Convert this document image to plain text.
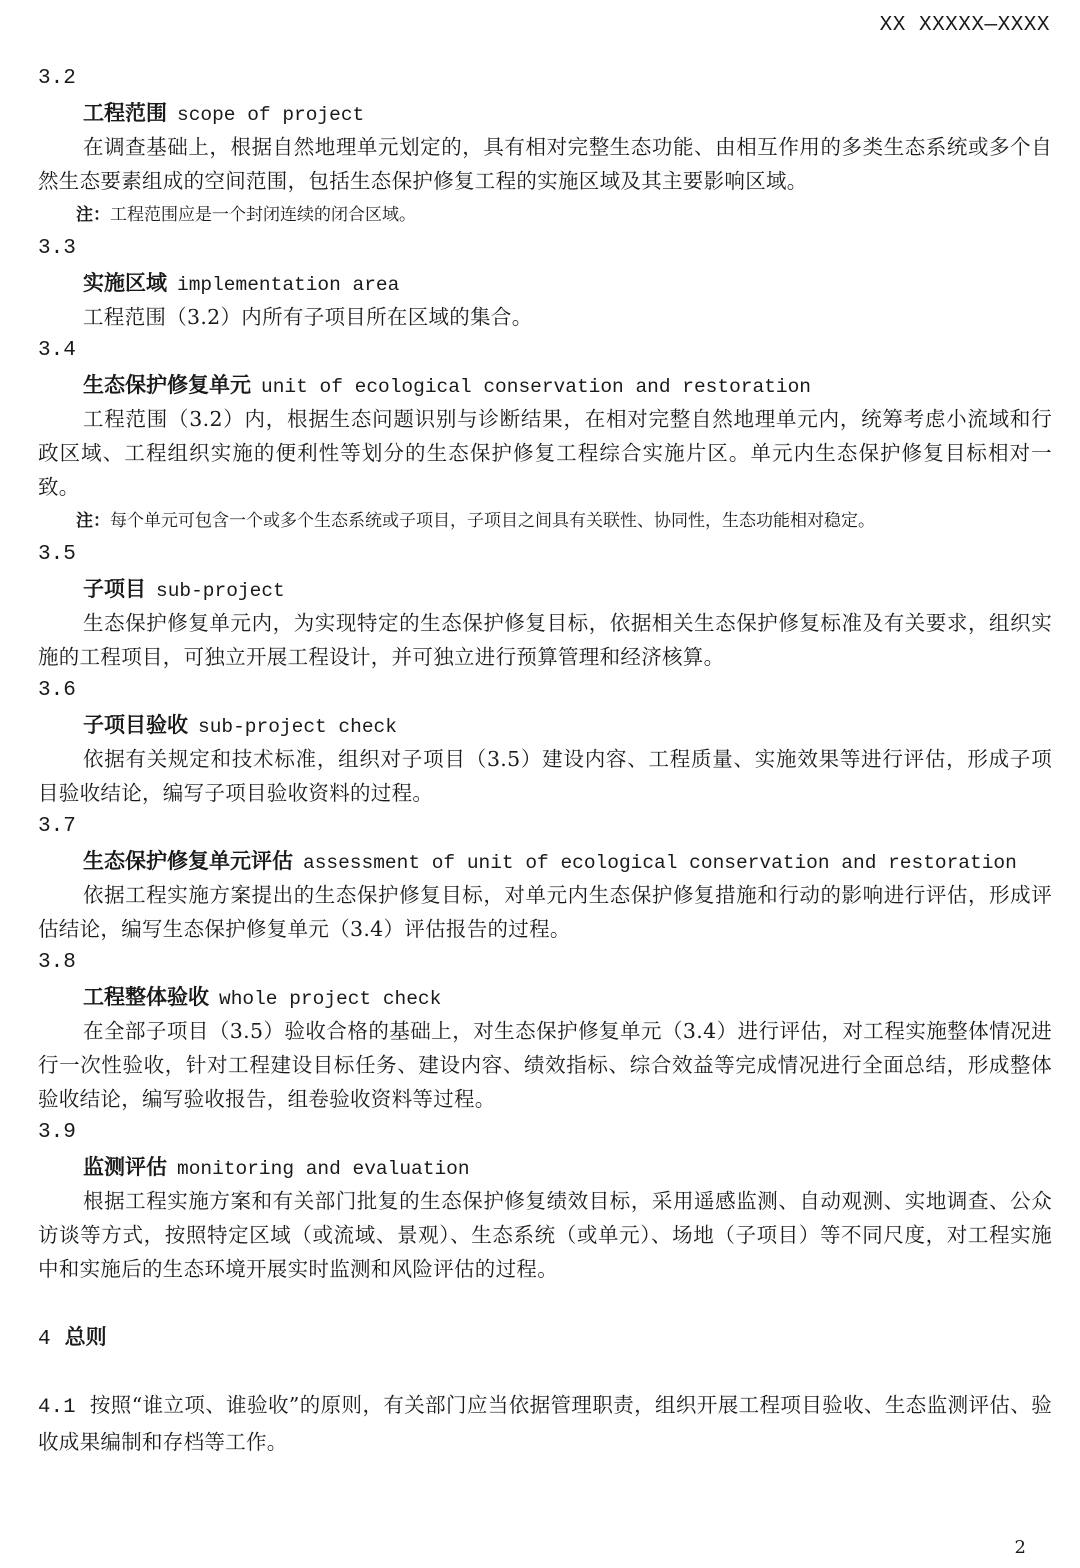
XX XXXXX—XXXX
3.2
工程范围 scope of project
在调查基础上，根据自然地理单元划定的，具有相对完整生态功能、由相互作用的多类生态系统或多个自然生态要素组成的空间范围，包括生态保护修复工程的实施区域及其主要影响区域。
注：工程范围应是一个封闭连续的闭合区域。
3.3
实施区域 implementation area
工程范围（3.2）内所有子项目所在区域的集合。
3.4
生态保护修复单元 unit of ecological conservation and restoration
工程范围（3.2）内，根据生态问题识别与诊断结果，在相对完整自然地理单元内，统筹考虑小流域和行政区域、工程组织实施的便利性等划分的生态保护修复工程综合实施片区。单元内生态保护修复目标相对一致。
注：每个单元可包含一个或多个生态系统或子项目，子项目之间具有关联性、协同性，生态功能相对稳定。
3.5
子项目 sub-project
生态保护修复单元内，为实现特定的生态保护修复目标，依据相关生态保护修复标准及有关要求，组织实施的工程项目，可独立开展工程设计，并可独立进行预算管理和经济核算。
3.6
子项目验收 sub-project check
依据有关规定和技术标准，组织对子项目（3.5）建设内容、工程质量、实施效果等进行评估，形成子项目验收结论，编写子项目验收资料的过程。
3.7
生态保护修复单元评估 assessment of unit of ecological conservation and restoration
依据工程实施方案提出的生态保护修复目标，对单元内生态保护修复措施和行动的影响进行评估，形成评估结论，编写生态保护修复单元（3.4）评估报告的过程。
3.8
工程整体验收 whole project check
在全部子项目（3.5）验收合格的基础上，对生态保护修复单元（3.4）进行评估，对工程实施整体情况进行一次性验收，针对工程建设目标任务、建设内容、绩效指标、综合效益等完成情况进行全面总结，形成整体验收结论，编写验收报告，组卷验收资料等过程。
3.9
监测评估 monitoring and evaluation
根据工程实施方案和有关部门批复的生态保护修复绩效目标，采用遥感监测、自动观测、实地调查、公众访谈等方式，按照特定区域（或流域、景观）、生态系统（或单元）、场地（子项目）等不同尺度，对工程实施中和实施后的生态环境开展实时监测和风险评估的过程。
4 总则
4.1 按照“谁立项、谁验收”的原则，有关部门应当依据管理职责，组织开展工程项目验收、生态监测评估、验收成果编制和存档等工作。
2
